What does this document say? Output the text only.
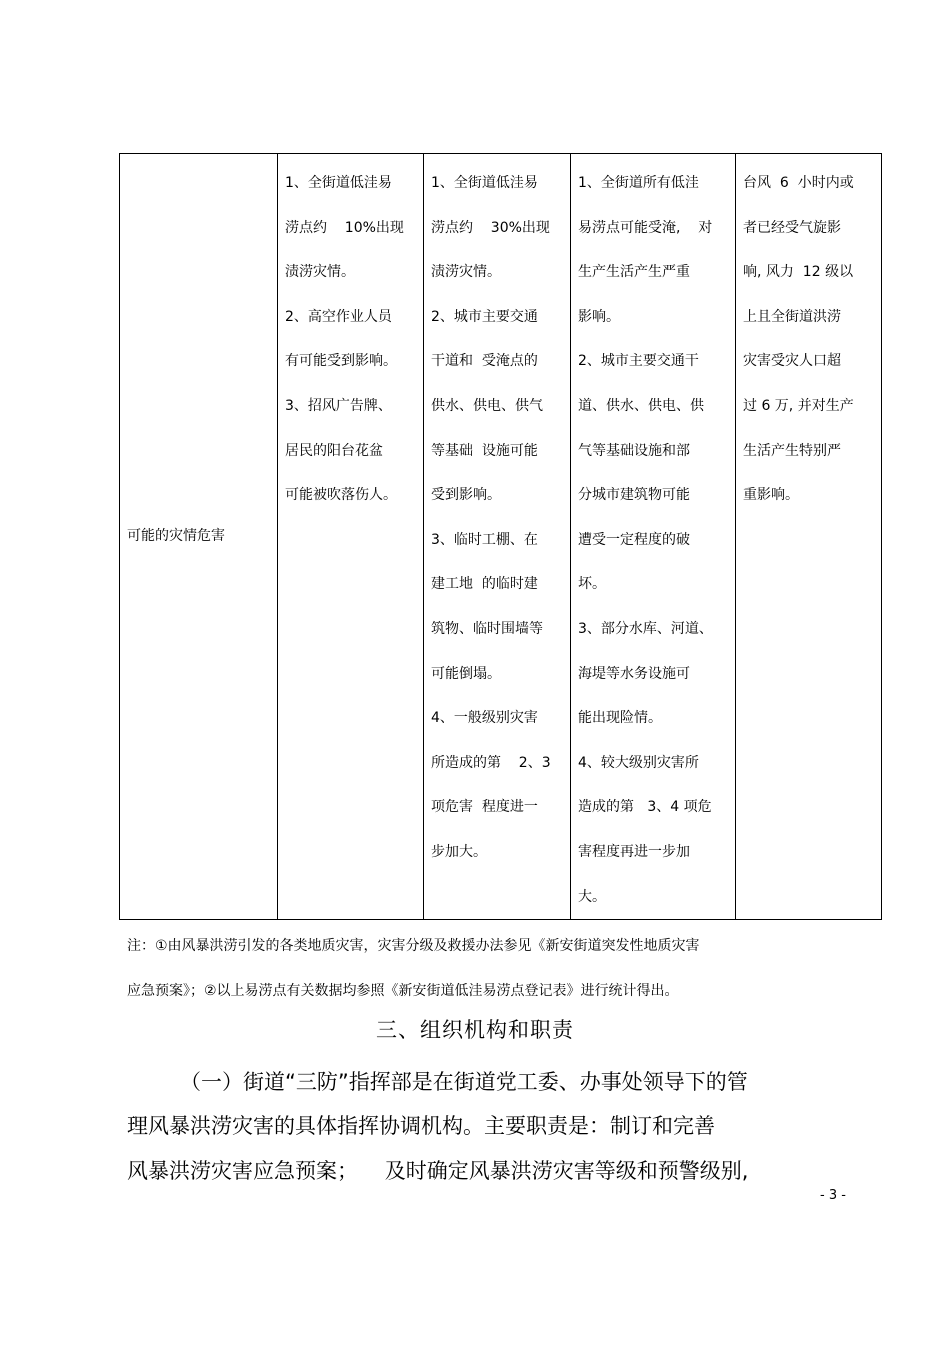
可能的灾情危害	
1、全街道低洼易
涝点约    10%出现
渍涝灾情。
2、高空作业人员
有可能受到影响。
3、招风广告牌、
居民的阳台花盆
可能被吹落伤人。

1、全街道低洼易
涝点约    30%出现
渍涝灾情。
2、城市主要交通
干道和  受淹点的
供水、供电、供气
等基础  设施可能
受到影响。
3、临时工棚、在
建工地  的临时建
筑物、临时围墙等
可能倒塌。
4、一般级别灾害
所造成的第    2、3
项危害  程度进一
步加大。

1、全街道所有低洼
易涝点可能受淹,    对
生产生活产生严重
影响。
2、城市主要交通干
道、供水、供电、供
气等基础设施和部
分城市建筑物可能
遭受一定程度的破
坏。
3、部分水库、河道、
海堤等水务设施可
能出现险情。
4、较大级别灾害所
造成的第   3、4 项危
害程度再进一步加
大。

台风  6  小时内或
者已经受气旋影
响, 风力  12 级以
上且全街道洪涝
灾害受灾人口超
过 6 万, 并对生产
生活产生特别严
重影响。
注：①由风暴洪涝引发的各类地质灾害，灾害分级及救援办法参见《新安街道突发性地质灾害
应急预案》；②以上易涝点有关数据均参照《新安街道低洼易涝点登记表》进行统计得出。
三、组织机构和职责
（一）街道“三防”指挥部是在街道党工委、办事处领导下的管
理风暴洪涝灾害的具体指挥协调机构。主要职责是：制订和完善
风暴洪涝灾害应急预案；    及时确定风暴洪涝灾害等级和预警级别,
- 3 -
